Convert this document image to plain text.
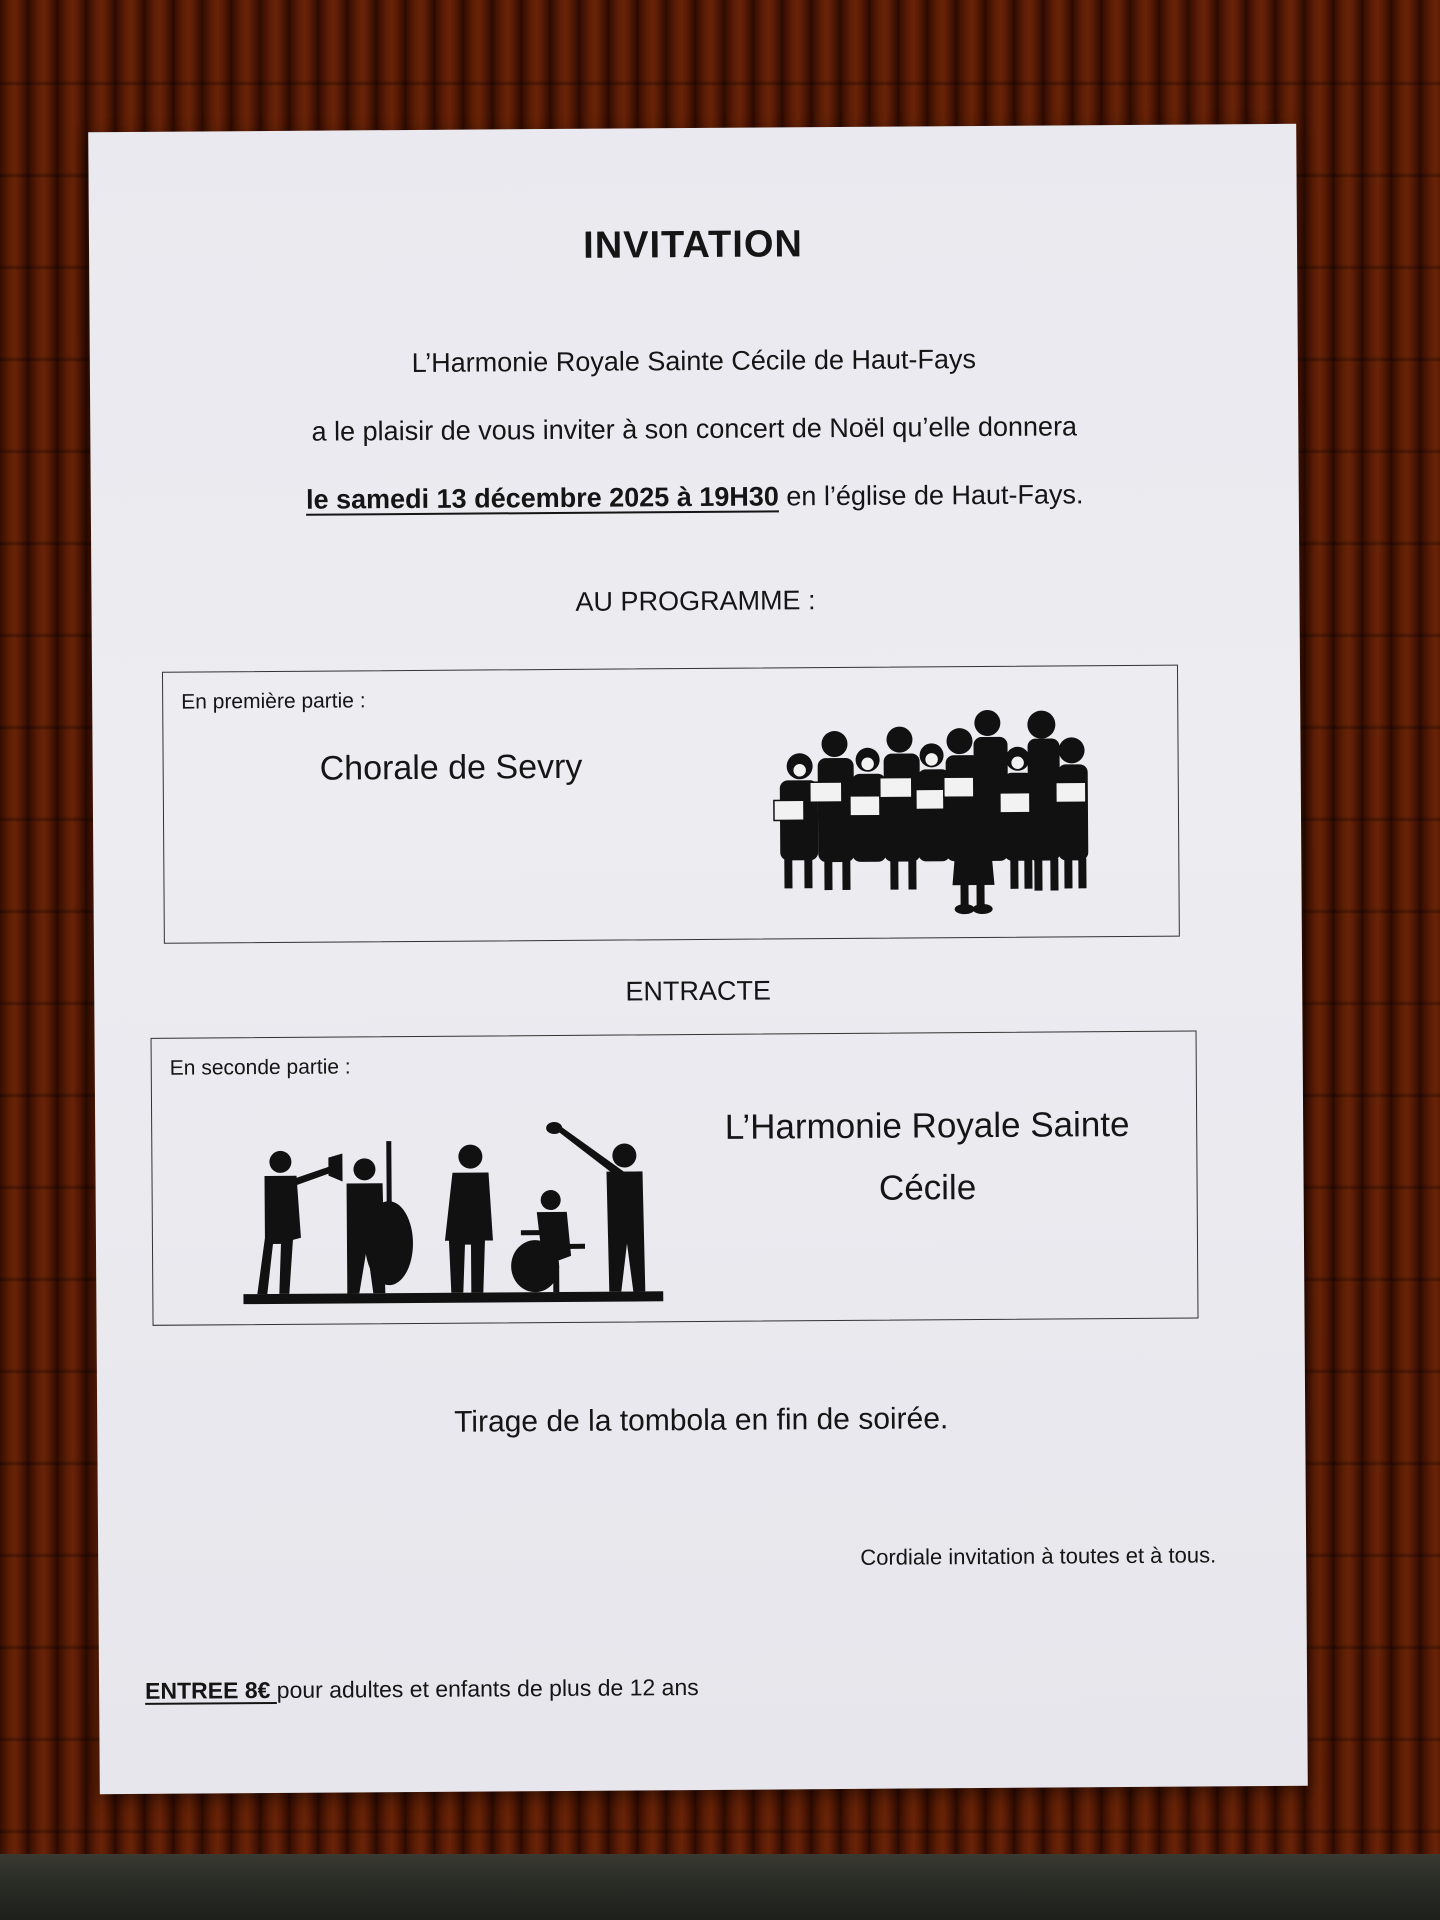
INVITATION
L’Harmonie Royale Sainte Cécile de Haut-Fays
a le plaisir de vous inviter à son concert de Noël qu’elle donnera
le samedi 13 décembre 2025 à 19H30 en l’église de Haut-Fays.
AU PROGRAMME :
En première partie :
Chorale de Sevry
ENTRACTE
En seconde partie :
L’Harmonie Royale Sainte
Cécile
Tirage de la tombola en fin de soirée.
Cordiale invitation à toutes et à tous.
ENTREE 8€ pour adultes et enfants de plus de 12 ans
